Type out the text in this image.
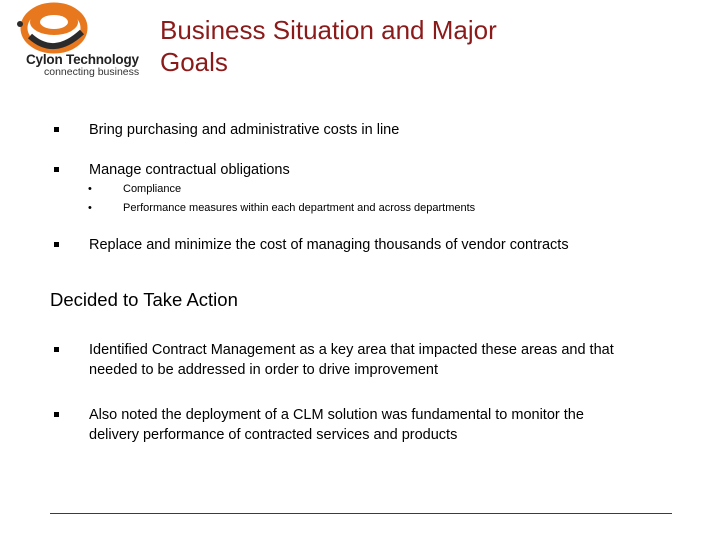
Cylon Technology
connecting business
Business Situation and Major
Goals
Bring purchasing and administrative costs in line
Manage contractual obligations
•	Compliance
•	Performance measures within each department and across departments
Replace and minimize the cost of managing thousands of vendor contracts
Decided to Take Action
Identified Contract Management as a key area that impacted these areas and that
needed to be addressed in order to drive improvement
Also noted the deployment of a CLM solution was fundamental to monitor the
delivery performance of contracted services and products
